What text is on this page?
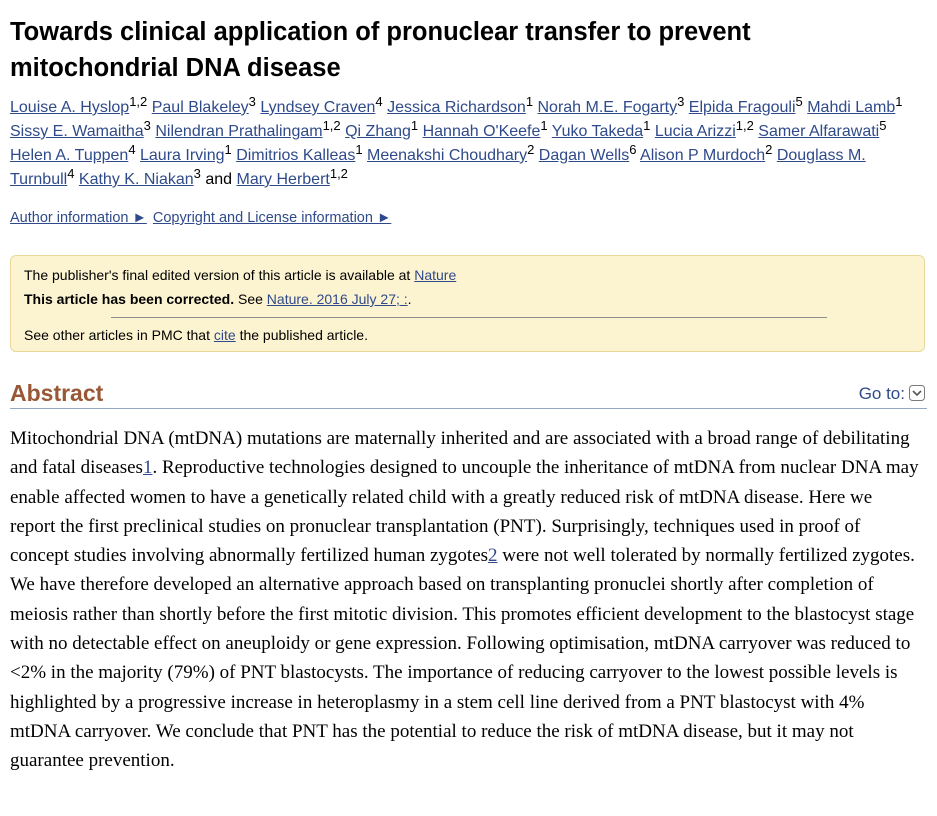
Towards clinical application of pronuclear transfer to prevent mitochondrial DNA disease
Louise A. Hyslop$^{1,2}$ Paul Blakeley$^3$ Lyndsey Craven$^4$ Jessica Richardson$^1$ Norah M.E. Fogarty$^3$ Elpida Fragouli$^5$ Mahdi Lamb$^1$ Sissy E. Wamaitha$^3$ Nilendran Prathalingam$^{1,2}$ Qi Zhang$^1$ Hannah O'Keefe$^1$ Yuko Takeda$^1$ Lucia Arizzi$^{1,2}$ Samer Alfarawati$^5$ Helen A. Tuppen$^4$ Laura Irving$^1$ Dimitrios Kalleas$^1$ Meenakshi Choudhary$^2$ Dagan Wells$^6$ Alison P Murdoch$^2$ Douglass M. Turnbull$^4$ Kathy K. Niakan$^3$ and Mary Herbert$^{1,2}$
Author information ► Copyright and License information ►
The publisher's final edited version of this article is available at Nature
This article has been corrected. See Nature. 2016 July 27; :.
See other articles in PMC that cite the published article.
Abstract	Go to:

Mitochondrial DNA (mtDNA) mutations are maternally inherited and are associated with a broad range of debilitating and fatal diseases1. Reproductive technologies designed to uncouple the inheritance of mtDNA from nuclear DNA may enable affected women to have a genetically related child with a greatly reduced risk of mtDNA disease. Here we report the first preclinical studies on pronuclear transplantation (PNT). Surprisingly, techniques used in proof of concept studies involving abnormally fertilized human zygotes2 were not well tolerated by normally fertilized zygotes. We have therefore developed an alternative approach based on transplanting pronuclei shortly after completion of meiosis rather than shortly before the first mitotic division. This promotes efficient development to the blastocyst stage with no detectable effect on aneuploidy or gene expression. Following optimisation, mtDNA carryover was reduced to <2% in the majority (79%) of PNT blastocysts. The importance of reducing carryover to the lowest possible levels is highlighted by a progressive increase in heteroplasmy in a stem cell line derived from a PNT blastocyst with 4% mtDNA carryover. We conclude that PNT has the potential to reduce the risk of mtDNA disease, but it may not guarantee prevention.
